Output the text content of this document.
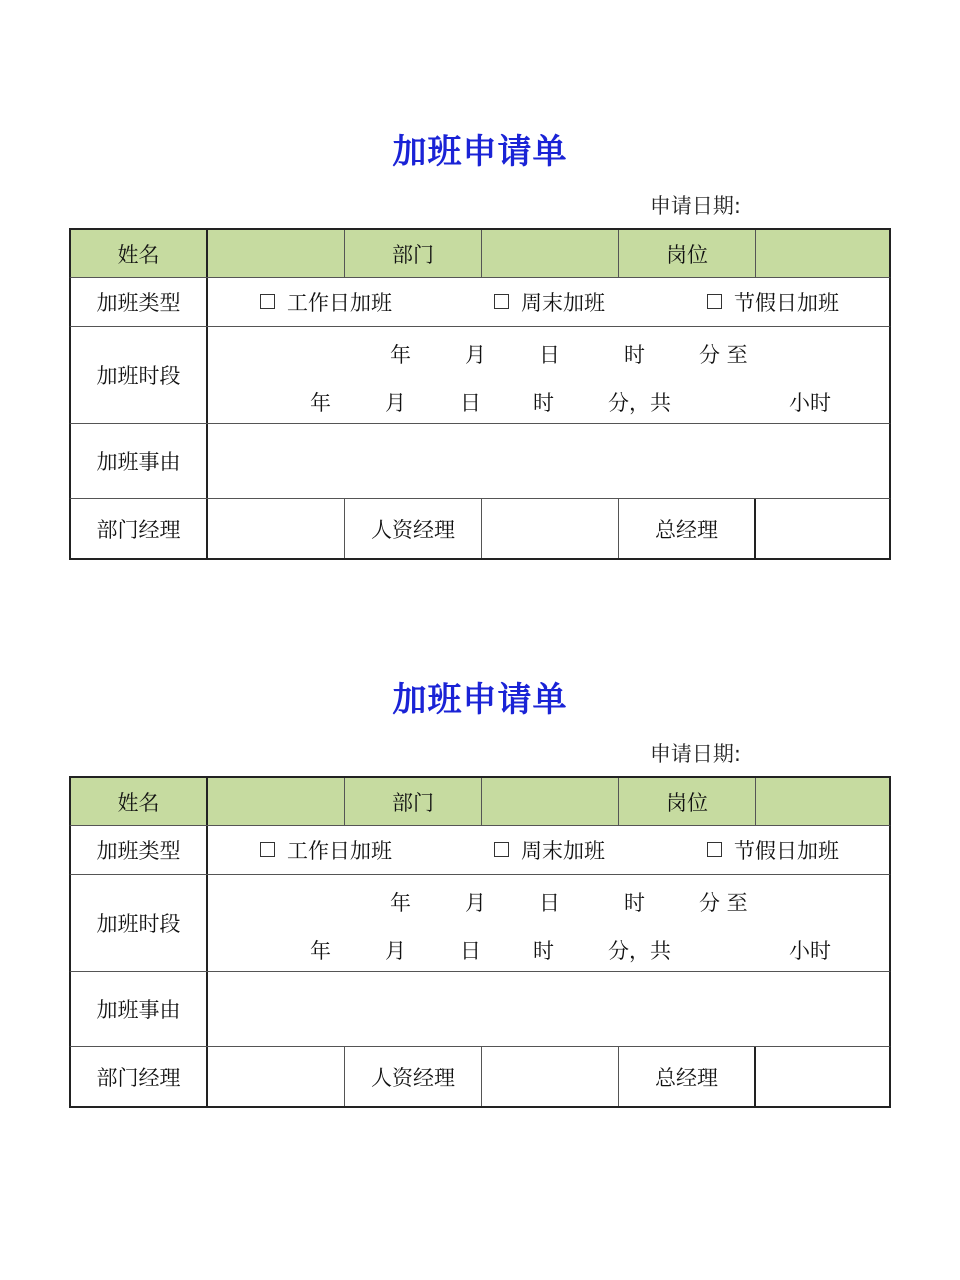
加班申请单
申请日期:
姓名	部门	岗位
加班类型	工作日加班	周末加班	节假日加班
加班时段
年	月	日	时	分 至
年	月	日 时	分，共	小时
加班事由
部门经理	人资经理	总经理
加班申请单
申请日期:
姓名	部门	岗位
加班类型	工作日加班	周末加班	节假日加班
加班时段
年	月	日	时	分 至
年	月	日 时	分，共	小时
加班事由
部门经理	人资经理	总经理
